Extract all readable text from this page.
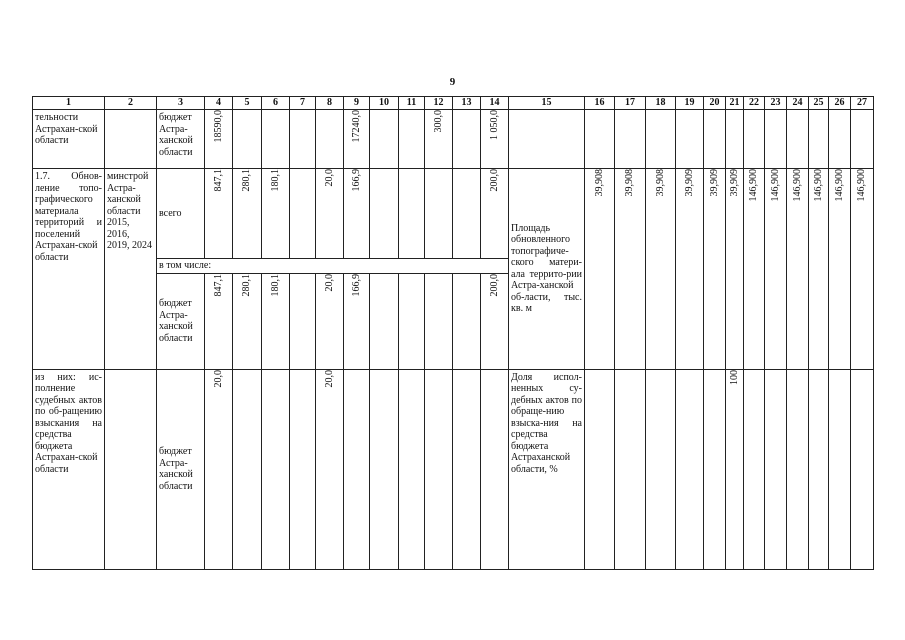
9
1	2	3	4	5	6	7	8	9	10	11	12	13	14	15	16	17	18	19	20	21	22	23	24	25	26	27

тельности Астрахан-ской области		бюджет Астра-ханской области	18590,0					17240,0			300,0		1 050,0													

1.7. Обнов-ление топо-графического материала территорий и поселений Астрахан-ской области	минстрой Астра-ханской области 2015, 2016, 2019, 2024	всего	847,1	280,1	180,1		20,0	166,9					200,0	Площадь обновленного топографиче-ского матери-ала террито-рии Астра-ханской об-ласти, тыс. кв. м	39,908	39,908	39,908	39,909	39,909	39,909	146,900	146,900	146,900	146,900	146,900	146,900

		в том числе:																								

		бюджет Астра-ханской области	847,1	280,1	180,1		20,0	166,9					200,0													

из них: ис-полнение судебных актов по об-ращению взыскания на средства бюджета Астрахан-ской области		бюджет Астра-ханской области	20,0				20,0							Доля испол-ненных су-дебных актов по обраще-нию взыска-ния на средства бюджета Астраханской области, %						100						
